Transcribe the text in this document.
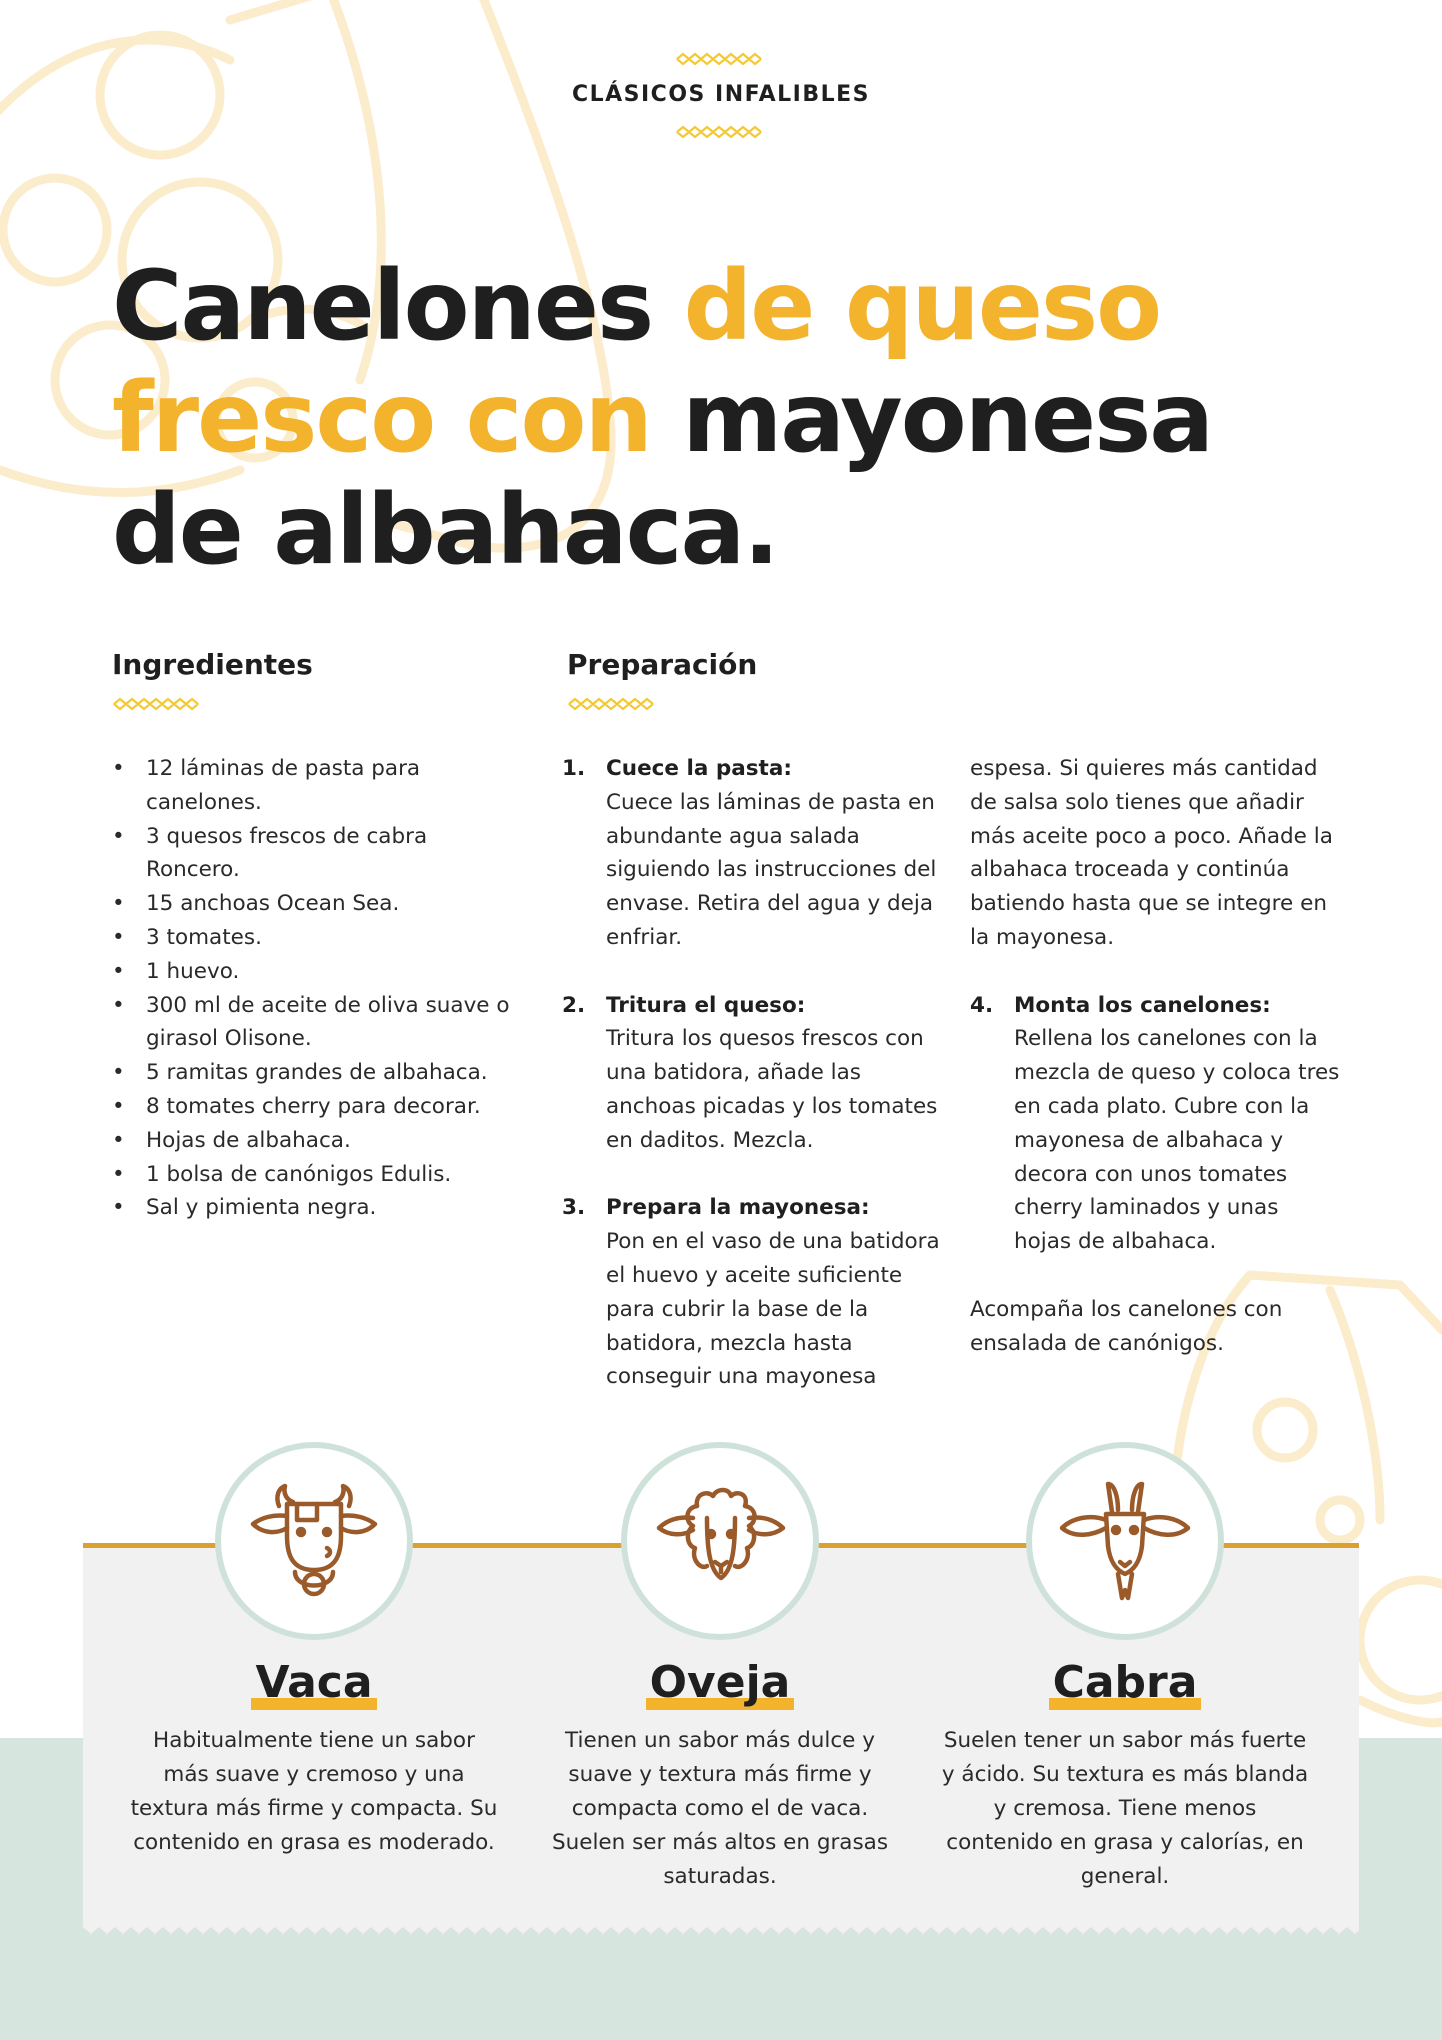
CLÁSICOS INFALIBLES
Canelones de queso fresco con mayonesa de albahaca.
Ingredientes
• 12 láminas de pasta para canelones.
• 3 quesos frescos de cabra Roncero.
• 15 anchoas Ocean Sea.
• 3 tomates.
• 1 huevo.
• 300 ml de aceite de oliva suave o girasol Olisone.
• 5 ramitas grandes de albahaca.
• 8 tomates cherry para decorar.
• Hojas de albahaca.
• 1 bolsa de canónigos Edulis.
• Sal y pimienta negra.
Preparación
1. Cuece la pasta:
Cuece las láminas de pasta en abundante agua salada siguiendo las instrucciones del envase. Retira del agua y deja enfriar.
2. Tritura el queso:
Tritura los quesos frescos con una batidora, añade las anchoas picadas y los tomates en daditos. Mezcla.
3. Prepara la mayonesa:
Pon en el vaso de una batidora el huevo y aceite suficiente para cubrir la base de la batidora, mezcla hasta conseguir una mayonesa

espesa. Si quieres más cantidad de salsa solo tienes que añadir más aceite poco a poco. Añade la albahaca troceada y continúa batiendo hasta que se integre en la mayonesa.

4. Monta los canelones:
Rellena los canelones con la mezcla de queso y coloca tres en cada plato. Cubre con la mayonesa de albahaca y decora con unos tomates cherry laminados y unas hojas de albahaca.

Acompaña los canelones con ensalada de canónigos.

Vaca
Habitualmente tiene un sabor más suave y cremoso y una textura más firme y compacta. Su contenido en grasa es moderado.
Oveja
Tienen un sabor más dulce y suave y textura más firme y compacta como el de vaca. Suelen ser más altos en grasas saturadas.
Cabra
Suelen tener un sabor más fuerte y ácido. Su textura es más blanda y cremosa. Tiene menos contenido en grasa y calorías, en general.
